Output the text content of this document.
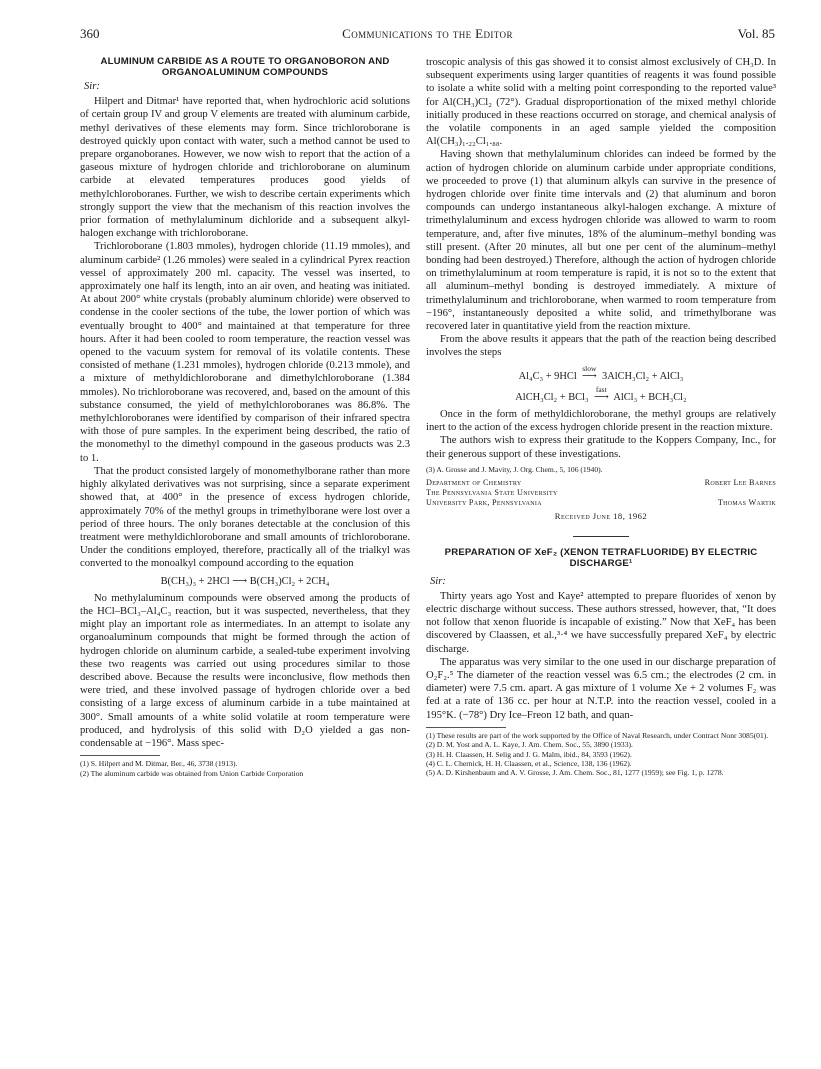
360	Communications to the Editor	Vol. 85
ALUMINUM CARBIDE AS A ROUTE TO ORGANOBORON AND ORGANOALUMINUM COMPOUNDS
Sir:

Hilpert and Ditmar¹ have reported that, when hydrochloric acid solutions of certain group IV and group V elements are treated with aluminum carbide, methyl derivatives of these elements may form. Since trichloroborane is destroyed quickly upon contact with water, such a method cannot be used to prepare organoboranes. However, we now wish to report that the action of a gaseous mixture of hydrogen chloride and trichloroborane on aluminum carbide at elevated temperatures produces good yields of methylchloroboranes. Further, we wish to describe certain experiments which strongly support the view that the mechanism of this reaction involves the prior formation of methylaluminum dichloride and a subsequent alkyl-halogen exchange with trichloroborane.

Trichloroborane (1.803 mmoles), hydrogen chloride (11.19 mmoles), and aluminum carbide² (1.26 mmoles) were sealed in a cylindrical Pyrex reaction vessel of approximately 200 ml. capacity. The vessel was inserted, to approximately one half its length, into an air oven, and heating was initiated. At about 200° white crystals (probably aluminum chloride) were observed to condense in the cooler sections of the tube, the lower portion of which was eventually brought to 400° and maintained at that temperature for three hours. After it had been cooled to room temperature, the reaction vessel was opened to the vacuum system for removal of its volatile contents. These consisted of methane (1.231 mmoles), hydrogen chloride (0.213 mmole), and a mixture of methyldichloroborane and dimethylchloroborane (1.384 mmoles). No trichloroborane was recovered, and, based on the amount of this substance consumed, the yield of methylchloroboranes was 86.8%. The methylchloroboranes were identified by comparison of their infrared spectra with those of pure samples. In the experiment being described, the ratio of the monomethyl to the dimethyl compound in the gaseous products was 2.3 to 1.

That the product consisted largely of monomethylborane rather than more highly alkylated derivatives was not surprising, since a separate experiment showed that, at 400° in the presence of excess hydrogen chloride, approximately 70% of the methyl groups in trimethylborane were lost over a period of three hours. The only boranes detectable at the conclusion of this treatment were methyldichloroborane and small amounts of trichloroborane. Under the conditions employed, therefore, practically all of the trialkyl was converted to the monoalkyl compound according to the equation

B(CH₃)₃ + 2HCl ⟶ B(CH₃)Cl₂ + 2CH₄

No methylaluminum compounds were observed among the products of the HCl–BCl₃–Al₄C₃ reaction, but it was suspected, nevertheless, that they might play an important role as intermediates. In an attempt to isolate any organoaluminum compounds that might be formed through the action of hydrogen chloride on aluminum carbide, a sealed-tube experiment involving these two reagents was carried out using procedures similar to those described above. Because the results were inconclusive, flow methods then were tried, and these involved passage of hydrogen chloride over a bed consisting of a large excess of aluminum carbide in a tube maintained at 300°. Small amounts of a white solid volatile at room temperature were produced, and hydrolysis of this solid with D₂O yielded a gas non-condensable at −196°. Mass spec-

(1) S. Hilpert and M. Ditmar, Ber., 46, 3738 (1913).

(2) The aluminum carbide was obtained from Union Carbide Corporation

troscopic analysis of this gas showed it to consist almost exclusively of CH₃D. In subsequent experiments using larger quantities of reagents it was found possible to isolate a white solid with a melting point corresponding to the reported value³ for Al(CH₃)Cl₂ (72°). Gradual disproportionation of the mixed methyl chloride initially produced in these reactions occurred on storage, and chemical analysis of the volatile components in an aged sample yielded the composition Al(CH₃)₁.₂₂Cl₁.₈₈.

Having shown that methylaluminum chlorides can indeed be formed by the action of hydrogen chloride on aluminum carbide under appropriate conditions, we proceeded to prove (1) that aluminum alkyls can survive in the presence of hydrogen chloride over finite time intervals and (2) that aluminum and boron compounds can undergo instantaneous alkyl-halogen exchange. A mixture of trimethylaluminum and excess hydrogen chloride was allowed to warm to room temperature, and, after five minutes, 18% of the aluminum–methyl bonding was still present. (After 20 minutes, all but one per cent of the aluminum–methyl bonding had been destroyed.) Therefore, although the action of hydrogen chloride on trimethylaluminum at room temperature is rapid, it is not so to the extent that all aluminum–methyl bonding is destroyed immediately. A mixture of trimethylaluminum and trichloroborane, when warmed to room temperature from −196°, instantaneously deposited a white solid, and trimethylborane was recovered later in quantitative yield from the reaction mixture.

From the above results it appears that the path of the reaction being described involves the steps

Al₄C₃ + 9HCl
slow
⟶  3AlCH₃Cl₂ + AlCl₃
AlCH₃Cl₂ + BCl₃
fast
⟶  AlCl₃ + BCH₃Cl₂

Once in the form of methyldichloroborane, the methyl groups are relatively inert to the action of the excess hydrogen chloride present in the reaction mixture.

The authors wish to express their gratitude to the Koppers Company, Inc., for their generous support of these investigations.

(3) A. Grosse and J. Mavity, J. Org. Chem., 5, 106 (1940).

Department of Chemistry	Robert Lee Barnes
The Pennsylvania State University
University Park, Pennsylvania	Thomas Wartik
Received June 18, 1962
PREPARATION OF XeF₂ (XENON TETRAFLUORIDE) BY ELECTRIC DISCHARGE¹
Sir:

Thirty years ago Yost and Kaye² attempted to prepare fluorides of xenon by electric discharge without success. These authors stressed, however, that, “It does not follow that xenon fluoride is incapable of existing.” Now that XeF₄ has been discovered by Claassen, et al.,³·⁴ we have successfully prepared XeF₄ by electric discharge.

The apparatus was very similar to the one used in our discharge preparation of O₂F₂.⁵ The diameter of the reaction vessel was 6.5 cm.; the electrodes (2 cm. in diameter) were 7.5 cm. apart. A gas mixture of 1 volume Xe + 2 volumes F₂ was fed at a rate of 136 cc. per hour at N.T.P. into the reaction vessel, cooled in a 195°K. (−78°) Dry Ice–Freon 12 bath, and quan-

(1) These results are part of the work supported by the Office of Naval Research, under Contract Nonr 3085(01).

(2) D. M. Yost and A. L. Kaye, J. Am. Chem. Soc., 55, 3890 (1933).

(3) H. H. Claassen, H. Selig and J. G. Malm, ibid., 84, 3593 (1962).

(4) C. L. Chernick, H. H. Claassen, et al., Science, 138, 136 (1962).

(5) A. D. Kirshenbaum and A. V. Grosse, J. Am. Chem. Soc., 81, 1277 (1959); see Fig. 1, p. 1278.
